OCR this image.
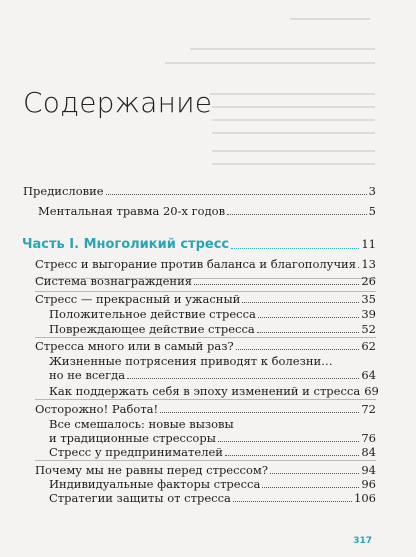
Содержание
Предисловие	3
Ментальная травма 20-х годов	5
Часть I. Многоликий стресс	11
Стресс и выгорание против баланса и благополучия 13
Система вознаграждения	26
Стресс — прекрасный и ужасный	35
Положительное действие стресса	39
Повреждающее действие стресса	52
Стресса много или в самый раз?	62
Жизненные потрясения приводят к болезни…
но не всегда	64
Как поддержать себя в эпоху изменений и стресса 69
Осторожно! Работа!	72
Все смешалось: новые вызовы
и традиционные стрессоры	76
Стресс у предпринимателей	84
Почему мы не равны перед стрессом?	94
Индивидуальные факторы стресса	96
Стратегии защиты от стресса	106
317
